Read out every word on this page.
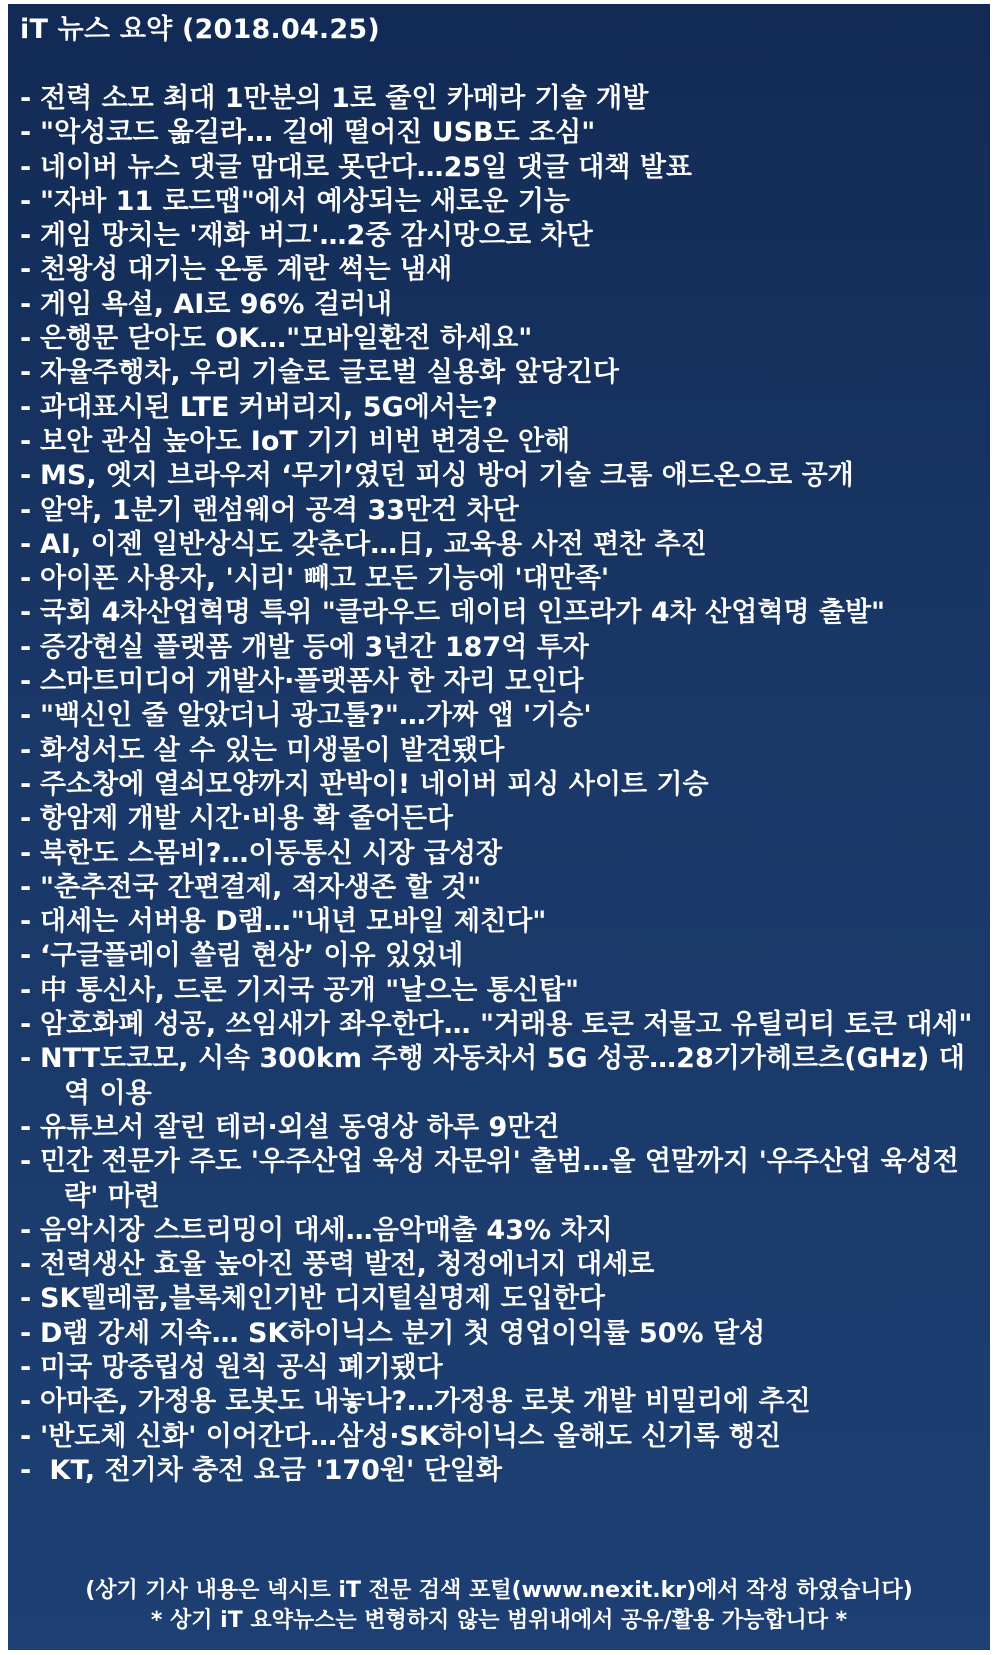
iT 뉴스 요약 (2018.04.25)
- 전력 소모 최대 1만분의 1로 줄인 카메라 기술 개발
- "악성코드 옮길라… 길에 떨어진 USB도 조심"
- 네이버 뉴스 댓글 맘대로 못단다…25일 댓글 대책 발표
- "자바 11 로드맵"에서 예상되는 새로운 기능
- 게임 망치는 '재화 버그'…2중 감시망으로 차단
- 천왕성 대기는 온통 계란 썩는 냄새
- 게임 욕설, AI로 96% 걸러내
- 은행문 닫아도 OK…"모바일환전 하세요"
- 자율주행차, 우리 기술로 글로벌 실용화 앞당긴다
- 과대표시된 LTE 커버리지, 5G에서는?
- 보안 관심 높아도 IoT 기기 비번 변경은 안해
- MS, 엣지 브라우저 ‘무기’였던 피싱 방어 기술 크롬 애드온으로 공개
- 알약, 1분기 랜섬웨어 공격 33만건 차단
- AI, 이젠 일반상식도 갖춘다…日, 교육용 사전 편찬 추진
- 아이폰 사용자, '시리' 빼고 모든 기능에 '대만족'
- 국회 4차산업혁명 특위 "클라우드 데이터 인프라가 4차 산업혁명 출발"
- 증강현실 플랫폼 개발 등에 3년간 187억 투자
- 스마트미디어 개발사·플랫폼사 한 자리 모인다
- "백신인 줄 알았더니 광고툴?"…가짜 앱 '기승'
- 화성서도 살 수 있는 미생물이 발견됐다
- 주소창에 열쇠모양까지 판박이! 네이버 피싱 사이트 기승
- 항암제 개발 시간·비용 확 줄어든다
- 북한도 스몸비?…이동통신 시장 급성장
- "춘추전국 간편결제, 적자생존 할 것"
- 대세는 서버용 D램…"내년 모바일 제친다"
- ‘구글플레이 쏠림 현상’ 이유 있었네
- 中 통신사, 드론 기지국 공개 "날으는 통신탑"
- 암호화폐 성공, 쓰임새가 좌우한다… "거래용 토큰 저물고 유틸리티 토큰 대세"
- NTT도코모, 시속 300km 주행 자동차서 5G 성공…28기가헤르츠(GHz) 대역 이용
- 유튜브서 잘린 테러·외설 동영상 하루 9만건
- 민간 전문가 주도 '우주산업 육성 자문위' 출범…올 연말까지 '우주산업 육성전략' 마련
- 음악시장 스트리밍이 대세…음악매출 43% 차지
- 전력생산 효율 높아진 풍력 발전, 청정에너지 대세로
- SK텔레콤,블록체인기반 디지털실명제 도입한다
- D램 강세 지속… SK하이닉스 분기 첫 영업이익률 50% 달성
- 미국 망중립성 원칙 공식 폐기됐다
- 아마존, 가정용 로봇도 내놓나?…가정용 로봇 개발 비밀리에 추진
- '반도체 신화' 이어간다…삼성·SK하이닉스 올해도 신기록 행진
- KT, 전기차 충전 요금 '170원' 단일화
(상기 기사 내용은 넥시트 iT 전문 검색 포털(www.nexit.kr)에서 작성 하였습니다)
* 상기 iT 요약뉴스는 변형하지 않는 범위내에서 공유/활용 가능합니다 *
